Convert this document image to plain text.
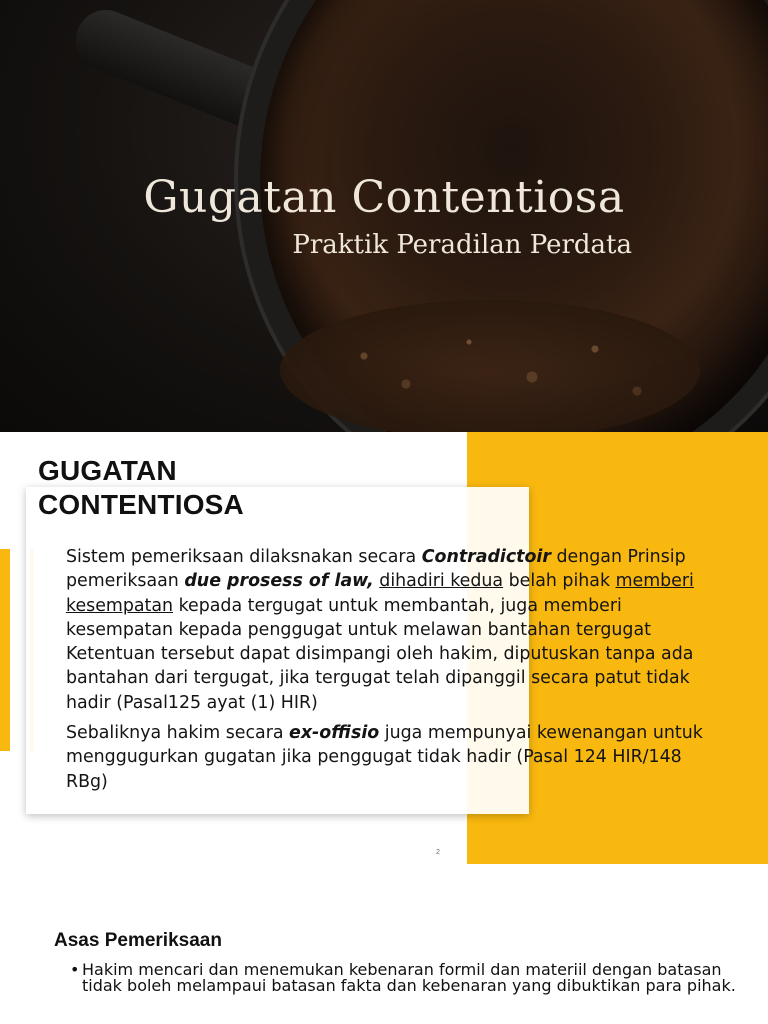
Gugatan Contentiosa
Praktik Peradilan Perdata
GUGATAN
CONTENTIOSA

Sistem pemeriksaan dilaksnakan secara Contradictoir dengan Prinsip pemeriksaan due prosess of law, dihadiri kedua belah pihak memberi kesempatan kepada tergugat untuk membantah, juga memberi kesempatan kepada penggugat untuk melawan bantahan tergugat Ketentuan tersebut dapat disimpangi oleh hakim, diputuskan tanpa ada bantahan dari tergugat, jika tergugat telah dipanggil secara patut tidak hadir (Pasal125 ayat (1) HIR)

Sebaliknya hakim secara ex-offisio juga mempunyai kewenangan untuk menggugurkan gugatan jika penggugat tidak hadir (Pasal 124 HIR/148 RBg)

2
Asas Pemeriksaan
• Hakim mencari dan menemukan kebenaran formil dan materiil dengan batasan tidak boleh melampaui batasan fakta dan kebenaran yang dibuktikan para pihak.
